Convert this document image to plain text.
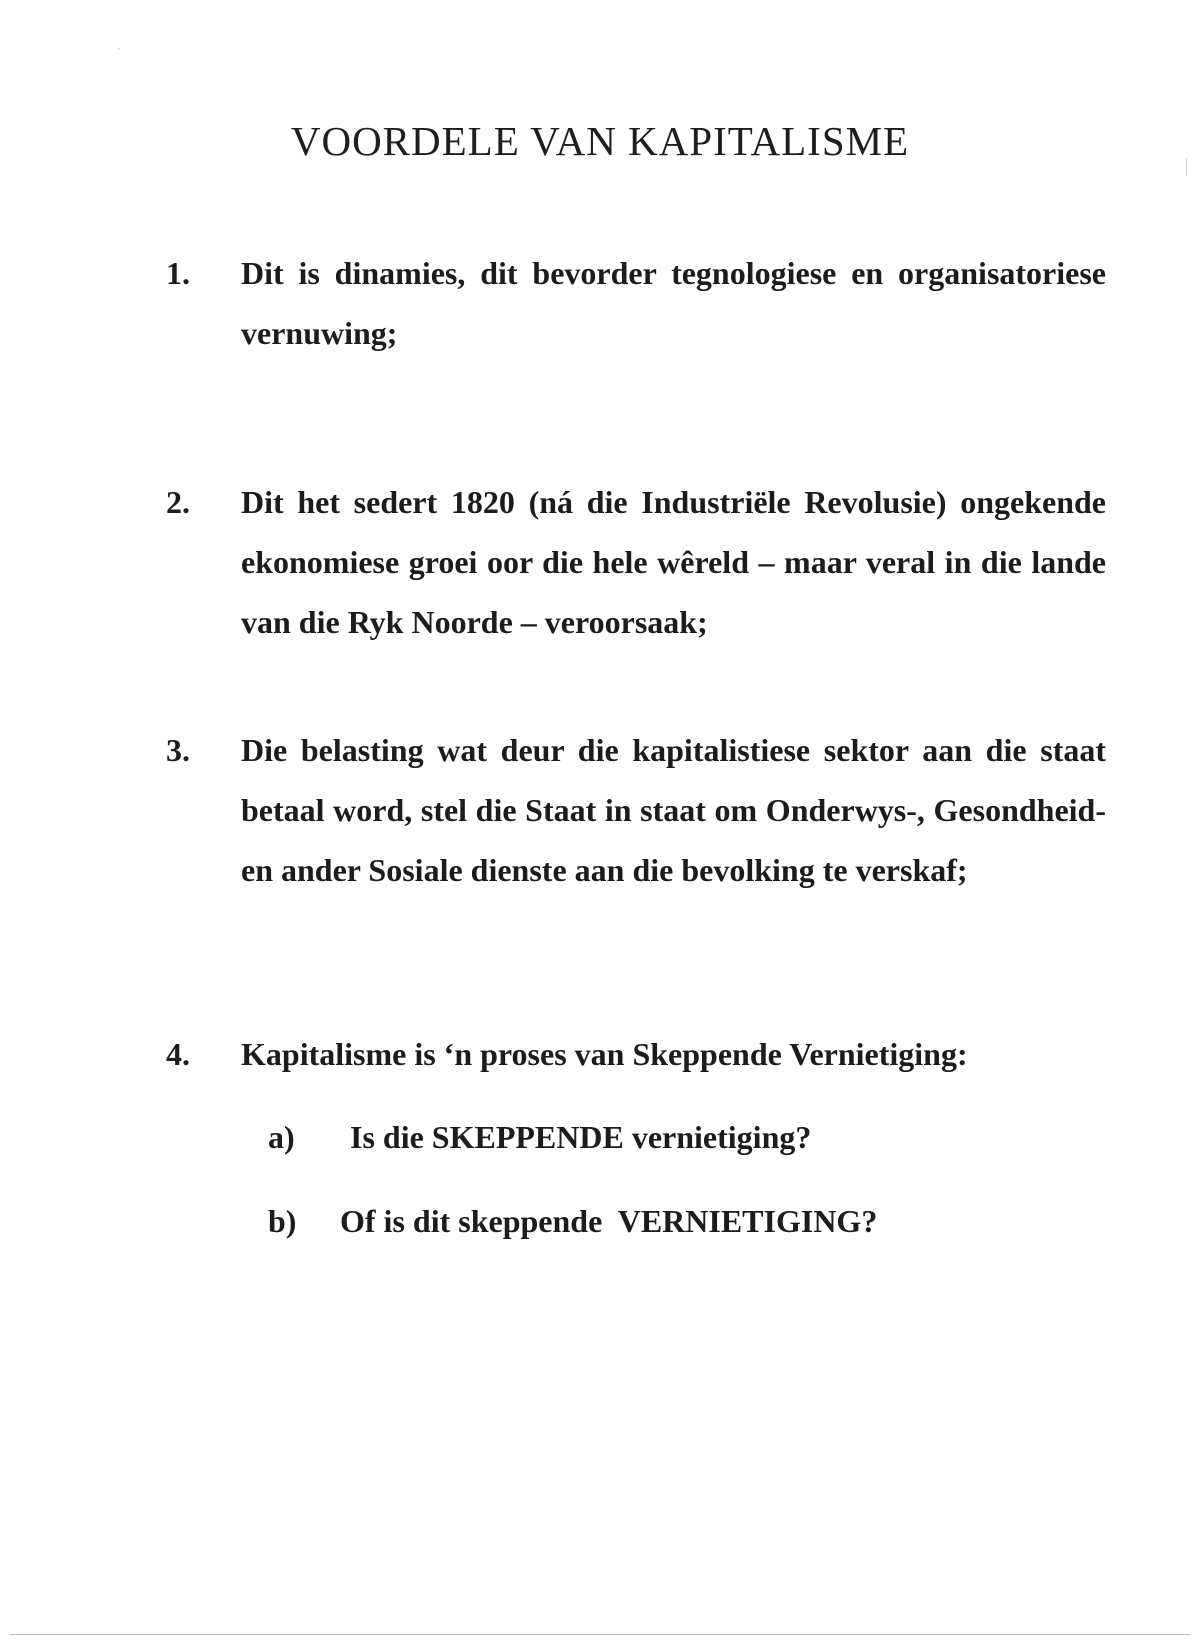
VOORDELE VAN KAPITALISME
1. Dit is dinamies, dit bevorder tegnologiese en organisatoriese vernuwing;

2. Dit het sedert 1820 (ná die Industriële Revolusie) ongekende ekonomiese groei oor die hele wêreld – maar veral in die lande van die Ryk Noorde – veroorsaak;

3. Die belasting wat deur die kapitalistiese sektor aan die staat betaal word, stel die Staat in staat om Onderwys-, Gesondheid- en ander Sosiale dienste aan die bevolking te verskaf;

4. Kapitalisme is ‘n proses van Skeppende Vernietiging:

a) Is die SKEPPENDE vernietiging?
b) Of is dit skeppende  VERNIETIGING?
